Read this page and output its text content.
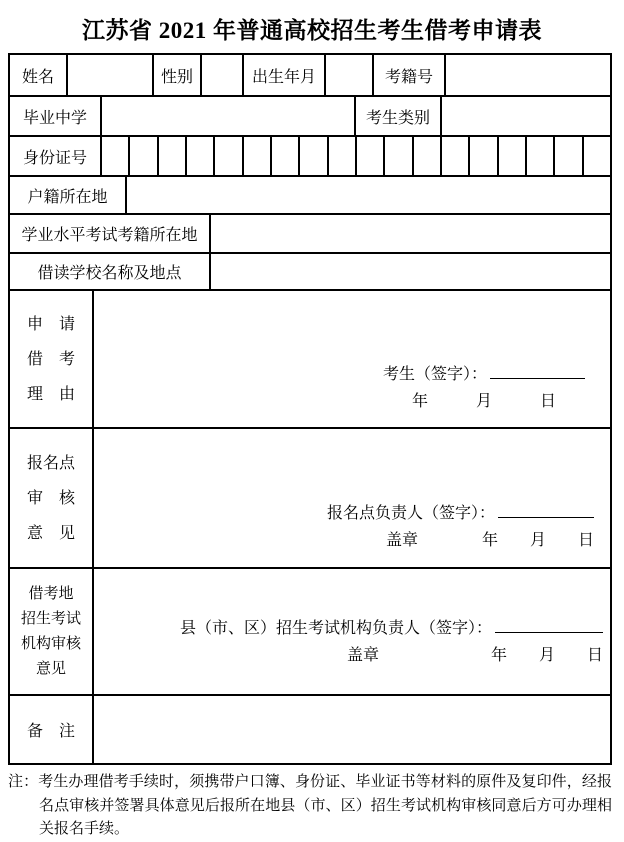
江苏省 2021 年普通高校招生考生借考申请表
姓名	性别	出生年月	考籍号
毕业中学	考生类别
身份证号
户籍所在地
学业水平考试考籍所在地
借读学校名称及地点
申　请
借　考
理　由
考生（签字）：
年　　　月　　　日
报名点
审　核
意　见
报名点负责人（签字）：
盖章　　　　年　　月　　日
借考地
招生考试
机构审核
意见
县（市、区）招生考试机构负责人（签字）：
盖章　　　　　　　年　　月　　日
备　注
注：考生办理借考手续时，须携带户口簿、身份证、毕业证书等材料的原件及复印件，经报名点审核并签署具体意见后报所在地县（市、区）招生考试机构审核同意后方可办理相关报名手续。
